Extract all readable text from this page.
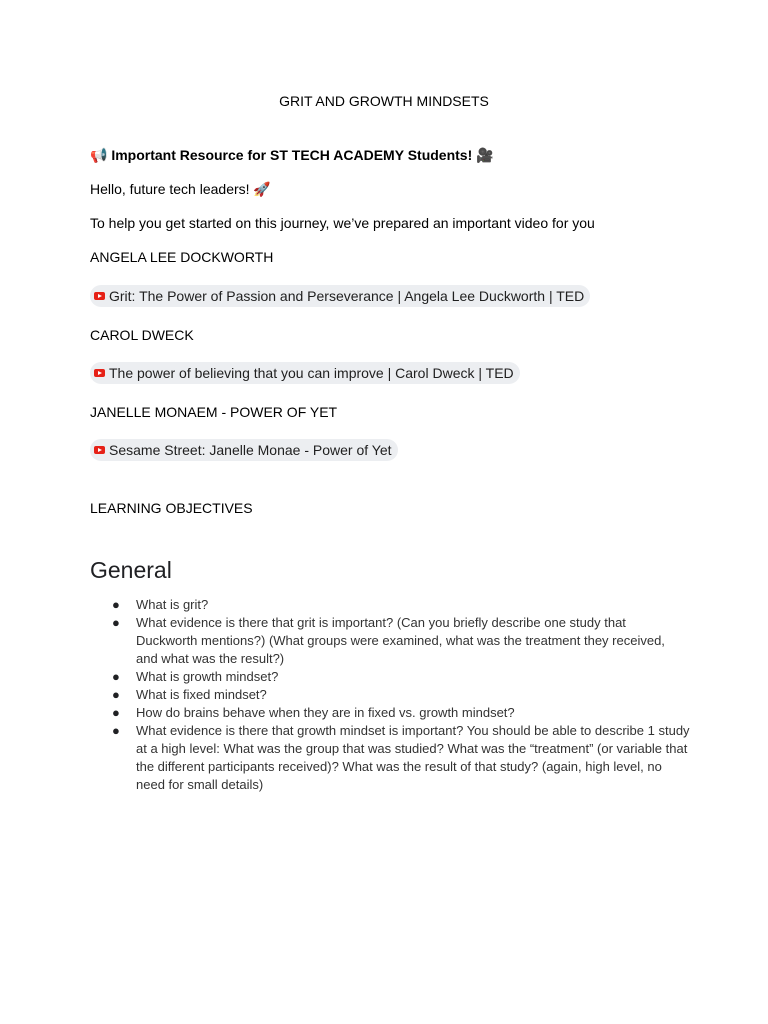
GRIT AND GROWTH MINDSETS
📢 Important Resource for ST TECH ACADEMY Students! 🎥
Hello, future tech leaders! 🚀
To help you get started on this journey, we’ve prepared an important video for you
ANGELA LEE DOCKWORTH
Grit: The Power of Passion and Perseverance | Angela Lee Duckworth | TED
CAROL DWECK
The power of believing that you can improve | Carol Dweck | TED
JANELLE MONAEM - POWER OF YET
Sesame Street: Janelle Monae - Power of Yet
LEARNING OBJECTIVES
General
● What is grit?
● What evidence is there that grit is important? (Can you briefly describe one study that Duckworth mentions?) (What groups were examined, what was the treatment they received, and what was the result?)
● What is growth mindset?
● What is fixed mindset?
● How do brains behave when they are in fixed vs. growth mindset?
● What evidence is there that growth mindset is important? You should be able to describe 1 study at a high level: What was the group that was studied? What was the “treatment” (or variable that the different participants received)? What was the result of that study? (again, high level, no need for small details)
